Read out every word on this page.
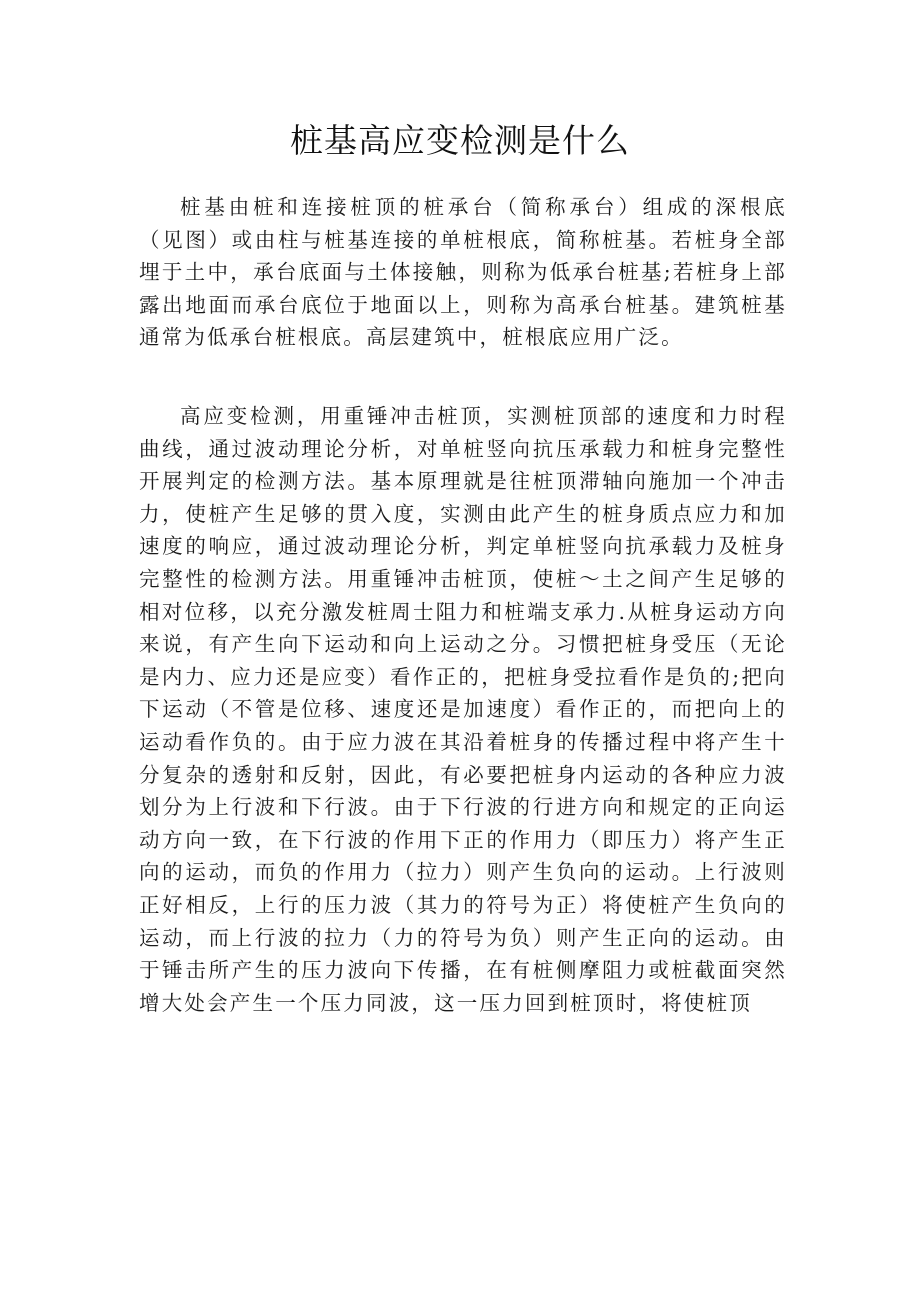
桩基高应变检测是什么

桩基由桩和连接桩顶的桩承台（简称承台）组成的深根底（见图）或由柱与桩基连接的单桩根底，简称桩基。若桩身全部埋于土中，承台底面与土体接触，则称为低承台桩基;若桩身上部露出地面而承台底位于地面以上，则称为高承台桩基。建筑桩基通常为低承台桩根底。高层建筑中，桩根底应用广泛。

高应变检测，用重锤冲击桩顶，实测桩顶部的速度和力时程曲线，通过波动理论分析，对单桩竖向抗压承载力和桩身完整性开展判定的检测方法。基本原理就是往桩顶滞轴向施加一个冲击力，使桩产生足够的贯入度，实测由此产生的桩身质点应力和加速度的响应，通过波动理论分析，判定单桩竖向抗承载力及桩身完整性的检测方法。用重锤冲击桩顶，使桩～土之间产生足够的相对位移，以充分激发桩周士阻力和桩端支承力.从桩身运动方向来说，有产生向下运动和向上运动之分。习惯把桩身受压（无论是内力、应力还是应变）看作正的，把桩身受拉看作是负的;把向下运动（不管是位移、速度还是加速度）看作正的，而把向上的运动看作负的。由于应力波在其沿着桩身的传播过程中将产生十分复杂的透射和反射，因此，有必要把桩身内运动的各种应力波划分为上行波和下行波。由于下行波的行进方向和规定的正向运动方向一致，在下行波的作用下正的作用力（即压力）将产生正向的运动，而负的作用力（拉力）则产生负向的运动。上行波则正好相反，上行的压力波（其力的符号为正）将使桩产生负向的运动，而上行波的拉力（力的符号为负）则产生正向的运动。由于锤击所产生的压力波向下传播，在有桩侧摩阻力或桩截面突然增大处会产生一个压力同波，这一压力回到桩顶时，将使桩顶
